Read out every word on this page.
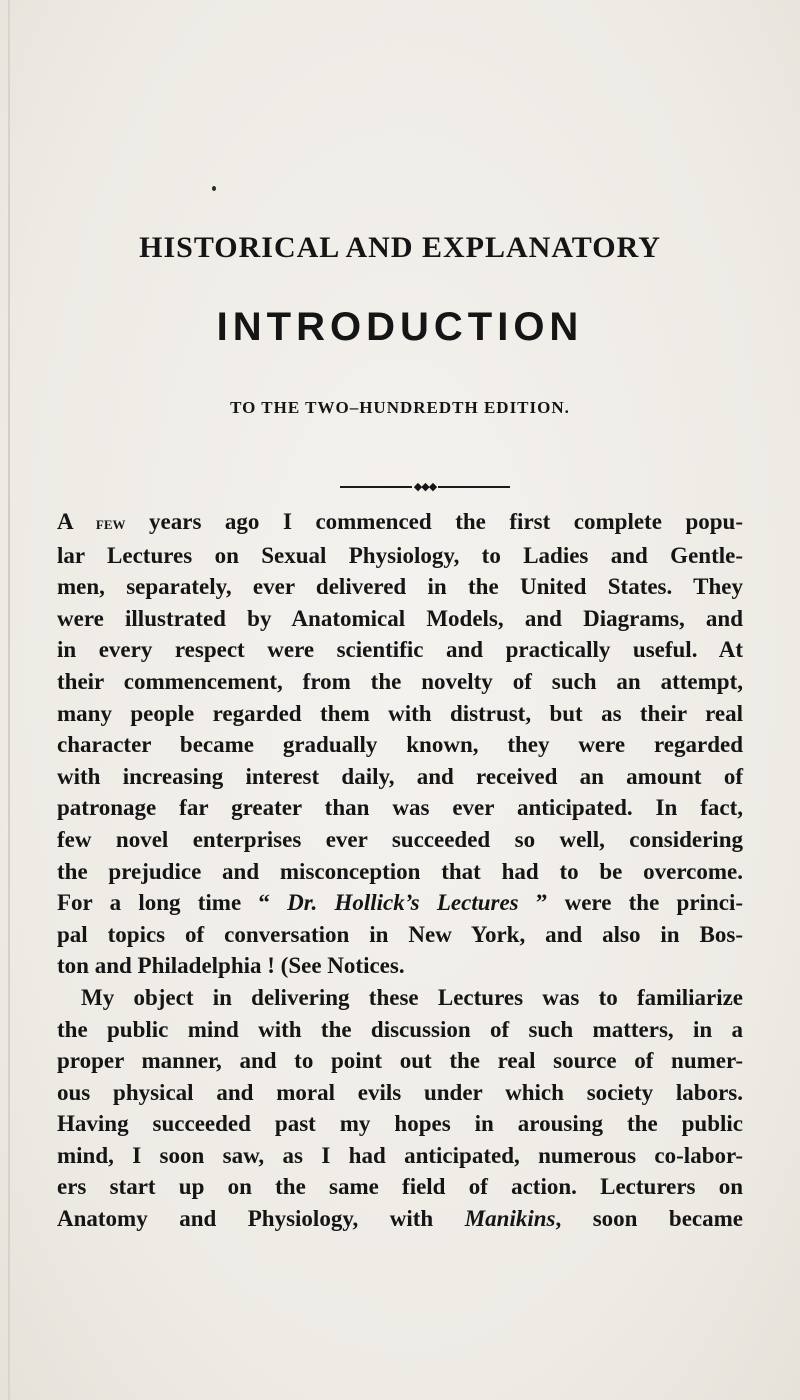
HISTORICAL AND EXPLANATORY
INTRODUCTION
TO THE TWO–HUNDREDTH EDITION.
◆◆◆
A few years ago I commenced the first complete popu-
lar Lectures on Sexual Physiology, to Ladies and Gentle-
men, separately, ever delivered in the United States. They
were illustrated by Anatomical Models, and Diagrams, and
in every respect were scientific and practically useful. At
their commencement, from the novelty of such an attempt,
many people regarded them with distrust, but as their real
character became gradually known, they were regarded
with increasing interest daily, and received an amount of
patronage far greater than was ever anticipated. In fact,
few novel enterprises ever succeeded so well, considering
the prejudice and misconception that had to be overcome.
For a long time “ Dr. Hollick’s Lectures ” were the princi-
pal topics of conversation in New York, and also in Bos-
ton and Philadelphia ! (See Notices.
My object in delivering these Lectures was to familiarize
the public mind with the discussion of such matters, in a
proper manner, and to point out the real source of numer-
ous physical and moral evils under which society labors.
Having succeeded past my hopes in arousing the public
mind, I soon saw, as I had anticipated, numerous co-labor-
ers start up on the same field of action. Lecturers on
Anatomy and Physiology, with Manikins, soon became
